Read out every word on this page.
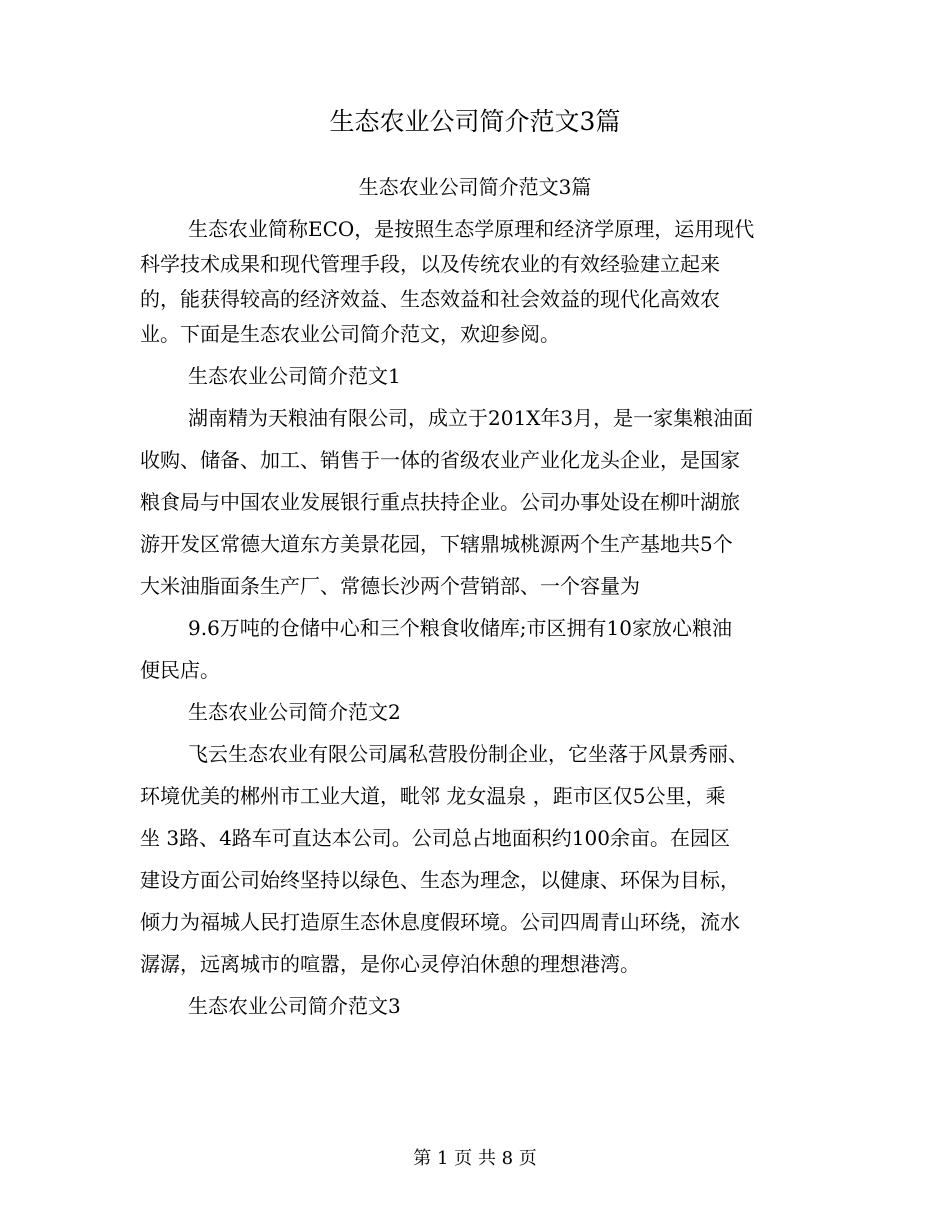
生态农业公司简介范文3篇

生态农业公司简介范文3篇

生态农业简称ECO，是按照生态学原理和经济学原理，运用现代

科学技术成果和现代管理手段，以及传统农业的有效经验建立起来

的，能获得较高的经济效益、生态效益和社会效益的现代化高效农

业。下面是生态农业公司简介范文，欢迎参阅。

生态农业公司简介范文1

湖南精为天粮油有限公司，成立于201X年3月，是一家集粮油面

收购、储备、加工、销售于一体的省级农业产业化龙头企业，是国家

粮食局与中国农业发展银行重点扶持企业。公司办事处设在柳叶湖旅

游开发区常德大道东方美景花园，下辖鼎城桃源两个生产基地共5个

大米油脂面条生产厂、常德长沙两个营销部、一个容量为

9.6万吨的仓储中心和三个粮食收储库;市区拥有10家放心粮油

便民店。

生态农业公司简介范文2

飞云生态农业有限公司属私营股份制企业，它坐落于风景秀丽、

环境优美的郴州市工业大道，毗邻 龙女温泉 ，距市区仅5公里，乘

坐 3路、4路车可直达本公司。公司总占地面积约100余亩。在园区

建设方面公司始终坚持以绿色、生态为理念，以健康、环保为目标，

倾力为福城人民打造原生态休息度假环境。公司四周青山环绕，流水

潺潺，远离城市的喧嚣，是你心灵停泊休憩的理想港湾。

生态农业公司简介范文3

第 1 页 共 8 页
